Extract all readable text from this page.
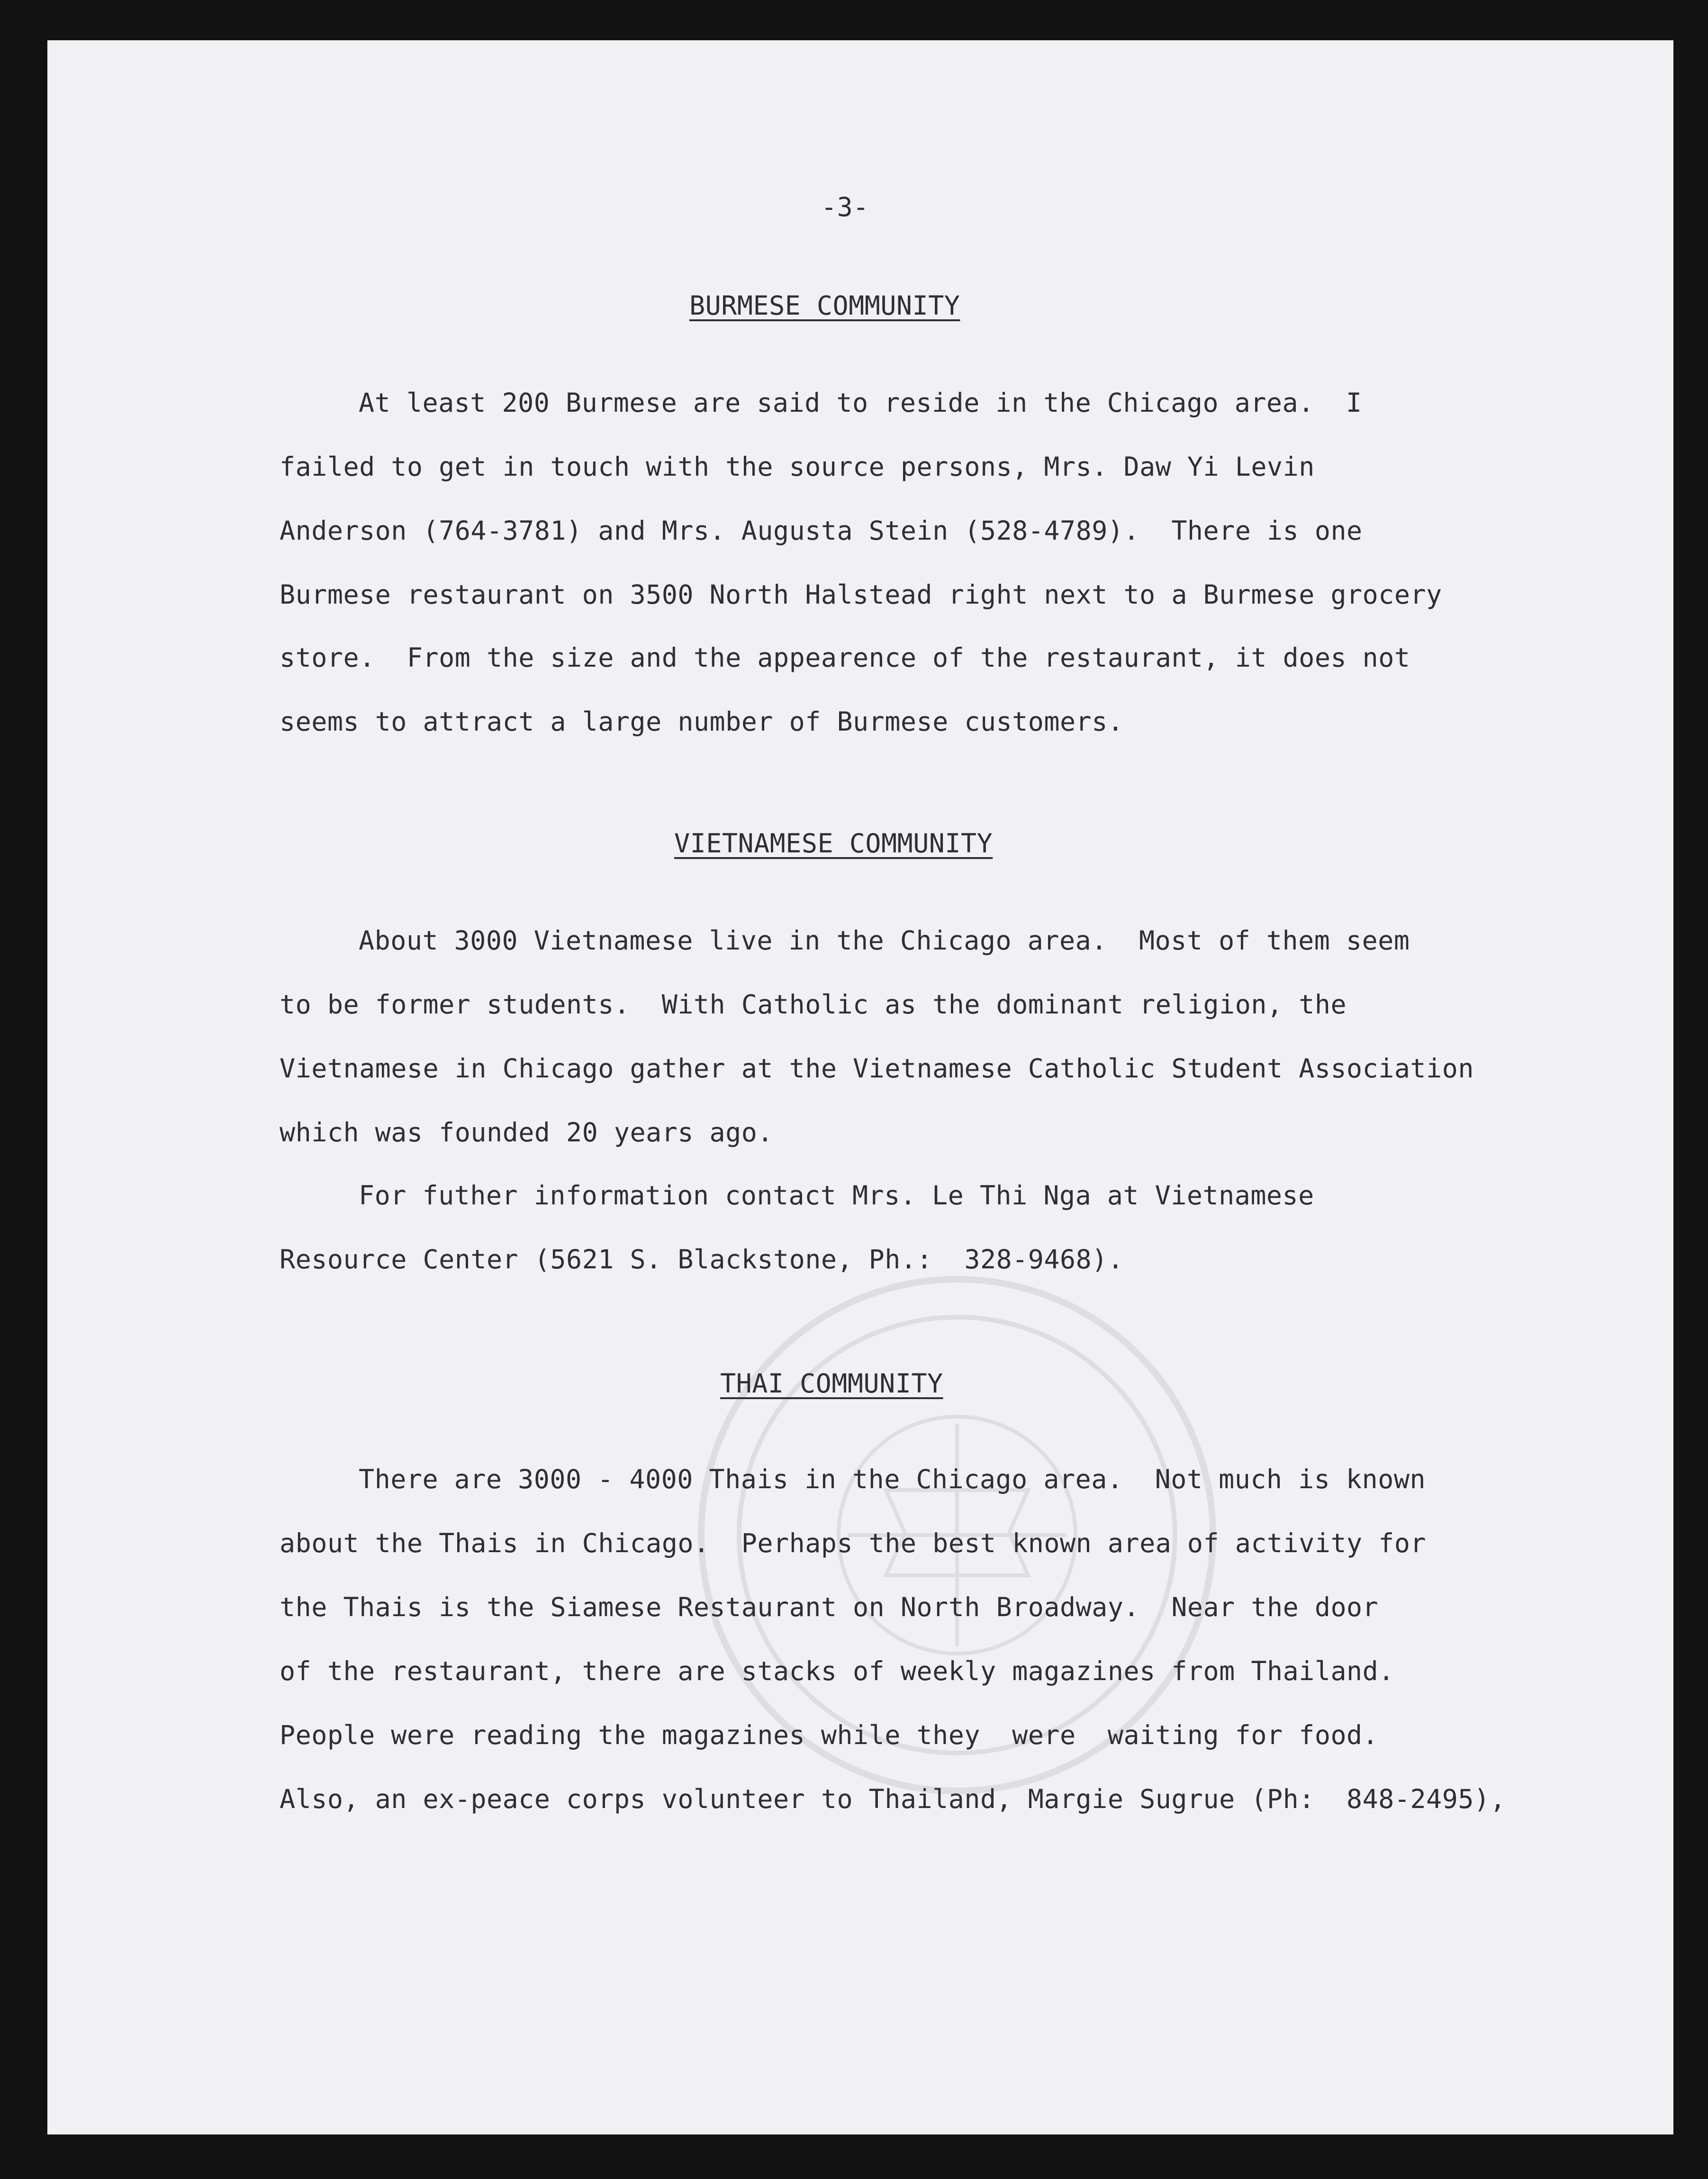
-3-
BURMESE COMMUNITY
At least 200 Burmese are said to reside in the Chicago area.  I
failed to get in touch with the source persons, Mrs. Daw Yi Levin
Anderson (764-3781) and Mrs. Augusta Stein (528-4789).  There is one
Burmese restaurant on 3500 North Halstead right next to a Burmese grocery
store.  From the size and the appearence of the restaurant, it does not
seems to attract a large number of Burmese customers.
VIETNAMESE COMMUNITY
About 3000 Vietnamese live in the Chicago area.  Most of them seem
to be former students.  With Catholic as the dominant religion, the
Vietnamese in Chicago gather at the Vietnamese Catholic Student Association
which was founded 20 years ago.
For futher information contact Mrs. Le Thi Nga at Vietnamese
Resource Center (5621 S. Blackstone, Ph.:  328-9468).
THAI COMMUNITY
There are 3000 - 4000 Thais in the Chicago area.  Not much is known
about the Thais in Chicago.  Perhaps the best known area of activity for
the Thais is the Siamese Restaurant on North Broadway.  Near the door
of the restaurant, there are stacks of weekly magazines from Thailand.
People were reading the magazines while they  were  waiting for food.
Also, an ex-peace corps volunteer to Thailand, Margie Sugrue (Ph:  848-2495),
